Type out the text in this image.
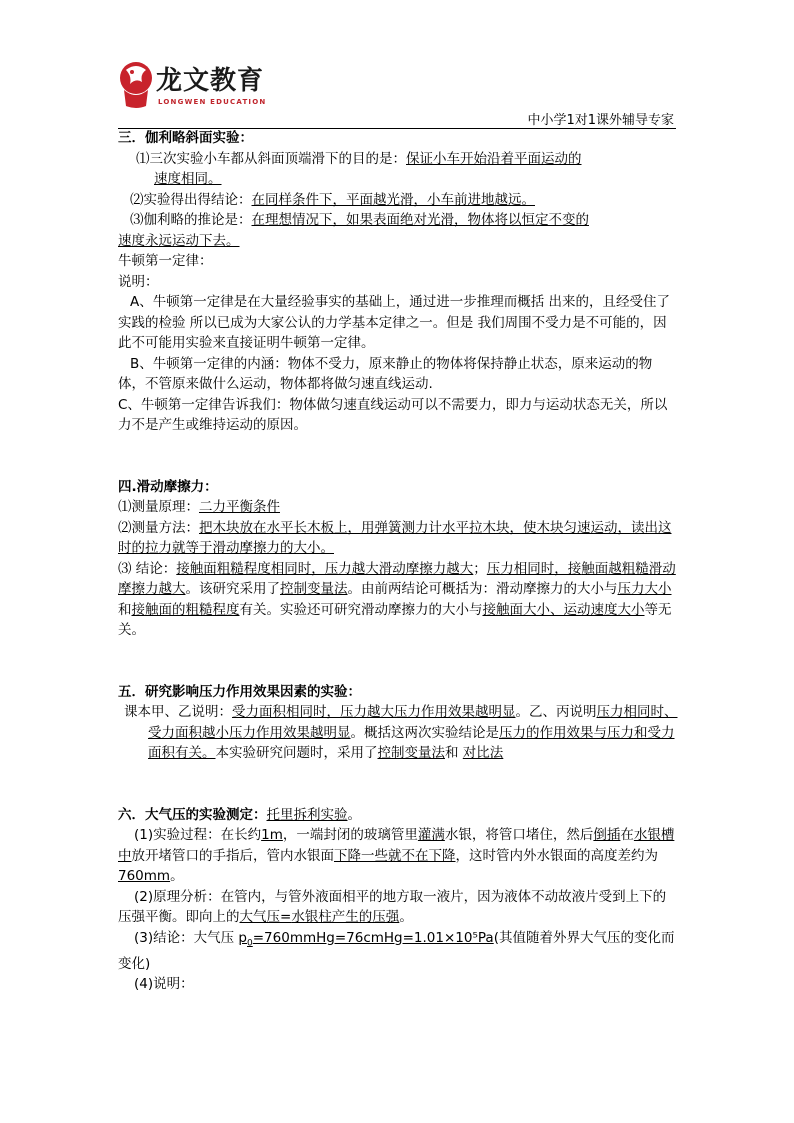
龙文教育
LONGWEN EDUCATION
中小学1对1课外辅导专家

三．伽利略斜面实验：

⑴三次实验小车都从斜面顶端滑下的目的是：保证小车开始沿着平面运动的
速度相同。

⑵实验得出得结论：在同样条件下，平面越光滑，小车前进地越远。

⑶伽利略的推论是：在理想情况下，如果表面绝对光滑，物体将以恒定不变的

速度永远运动下去。

牛顿第一定律：

说明：

A、牛顿第一定律是在大量经验事实的基础上，通过进一步推理而概括 出来的，且经受住了实践的检验 所以已成为大家公认的力学基本定律之一。但是 我们周围不受力是不可能的，因此不可能用实验来直接证明牛顿第一定律。

B、牛顿第一定律的内涵：物体不受力，原来静止的物体将保持静止状态，原来运动的物体，不管原来做什么运动，物体都将做匀速直线运动.

C、牛顿第一定律告诉我们：物体做匀速直线运动可以不需要力，即力与运动状态无关，所以力不是产生或维持运动的原因。

四.滑动摩擦力：

⑴测量原理：二力平衡条件

⑵测量方法：把木块放在水平长木板上，用弹簧测力计水平拉木块，使木块匀速运动，读出这时的拉力就等于滑动摩擦力的大小。

⑶ 结论：接触面粗糙程度相同时，压力越大滑动摩擦力越大；压力相同时，接触面越粗糙滑动摩擦力越大。该研究采用了控制变量法。由前两结论可概括为：滑动摩擦力的大小与压力大小和接触面的粗糙程度有关。实验还可研究滑动摩擦力的大小与接触面大小、运动速度大小等无关。

五．研究影响压力作用效果因素的实验：

课本甲、乙说明：受力面积相同时，压力越大压力作用效果越明显。乙、丙说明压力相同时、受力面积越小压力作用效果越明显。概括这两次实验结论是压力的作用效果与压力和受力面积有关。本实验研究问题时，采用了控制变量法和 对比法

六．大气压的实验测定：托里拆利实验。

(1)实验过程：在长约1m，一端封闭的玻璃管里灌满水银，将管口堵住，然后倒插在水银槽中放开堵管口的手指后，管内水银面下降一些就不在下降，这时管内外水银面的高度差约为760mm。

(2)原理分析：在管内，与管外液面相平的地方取一液片，因为液体不动故液片受到上下的压强平衡。即向上的大气压=水银柱产生的压强。

(3)结论：大气压 $p_0=760mmHg=76cmHg=1.01\times 10^5Pa$(其值随着外界大气压的变化而变化)

(4)说明：
